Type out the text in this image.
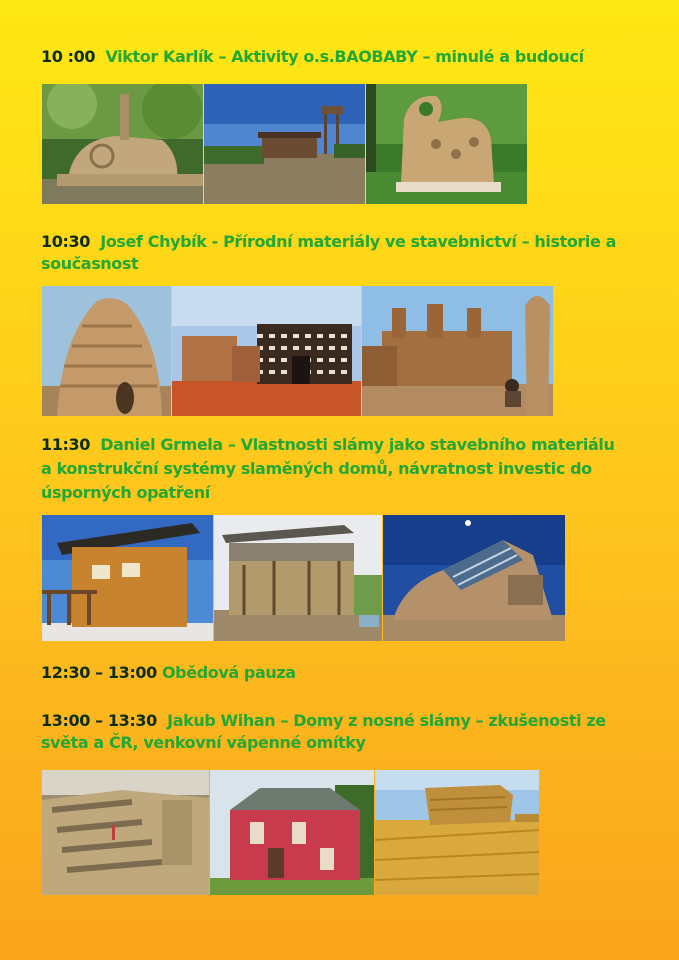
10 :00 Viktor Karlík – Aktivity o.s.BAOBABY – minulé a budoucí

10:30 Josef Chybík - Přírodní materiály ve stavebnictví – historie a

současnost

11:30 Daniel Grmela – Vlastnosti slámy jako stavebního materiálu

a konstrukční systémy slaměných domů, návratnost investic do

úsporných opatření

12:30 – 13:00 Obědová pauza

13:00 – 13:30 Jakub Wihan – Domy z nosné slámy – zkušenosti ze

světa a ČR, venkovní vápenné omítky
